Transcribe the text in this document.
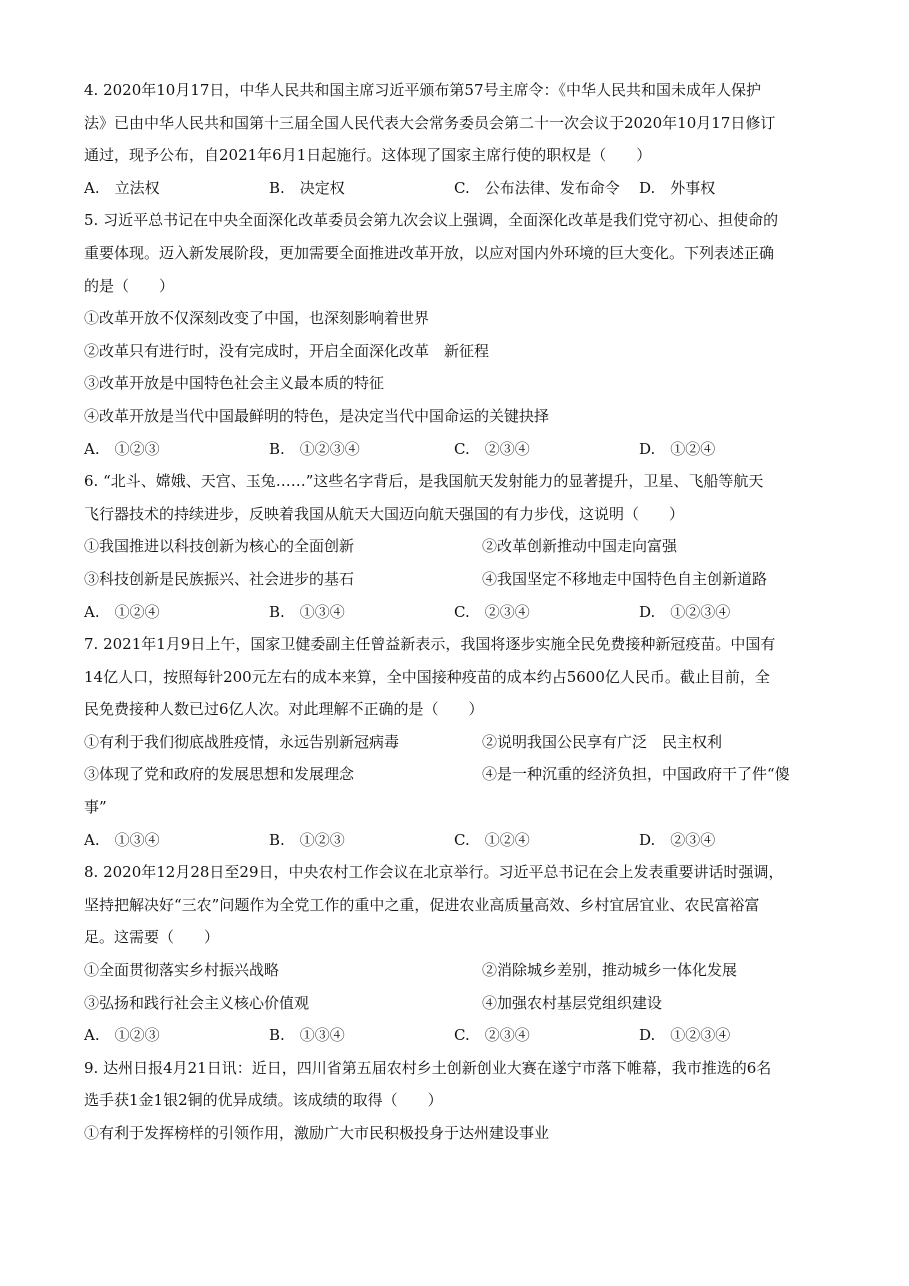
4. 2020年10月17日，中华人民共和国主席习近平颁布第57号主席令：《中华人民共和国未成年人保护
法》已由中华人民共和国第十三届全国人民代表大会常务委员会第二十一次会议于2020年10月17日修订
通过，现予公布，自2021年6月1日起施行。这体现了国家主席行使的职权是（　　）
A.　立法权	B.　决定权	C.　公布法律、发布命令	D.　外事权
5. 习近平总书记在中央全面深化改革委员会第九次会议上强调，全面深化改革是我们党守初心、担使命的
重要体现。迈入新发展阶段，更加需要全面推进改革开放，以应对国内外环境的巨大变化。下列表述正确
的是（　　）
①改革开放不仅深刻改变了中国，也深刻影响着世界
②改革只有进行时，没有完成时，开启全面深化改革　新征程
③改革开放是中国特色社会主义最本质的特征
④改革开放是当代中国最鲜明的特色，是决定当代中国命运的关键抉择
A.　①②③	B.　①②③④	C.　②③④	D.　①②④
6. “北斗、嫦娥、天宫、玉兔……”这些名字背后，是我国航天发射能力的显著提升，卫星、飞船等航天
飞行器技术的持续进步，反映着我国从航天大国迈向航天强国的有力步伐，这说明（　　）
①我国推进以科技创新为核心的全面创新	②改革创新推动中国走向富强
③科技创新是民族振兴、社会进步的基石	④我国坚定不移地走中国特色自主创新道路
A.　①②④	B.　①③④	C.　②③④	D.　①②③④
7. 2021年1月9日上午，国家卫健委副主任曾益新表示，我国将逐步实施全民免费接种新冠疫苗。中国有
14亿人口，按照每针200元左右的成本来算，全中国接种疫苗的成本约占5600亿人民币。截止目前，全
民免费接种人数已过6亿人次。对此理解不正确的是（　　）
①有利于我们彻底战胜疫情，永远告别新冠病毒	②说明我国公民享有广泛　民主权利
③体现了党和政府的发展思想和发展理念	④是一种沉重的经济负担，中国政府干了件“傻
事”
A.　①③④	B.　①②③	C.　①②④	D.　②③④
8. 2020年12月28日至29日，中央农村工作会议在北京举行。习近平总书记在会上发表重要讲话时强调，
坚持把解决好“三农”问题作为全党工作的重中之重，促进农业高质量高效、乡村宜居宜业、农民富裕富
足。这需要（　　）
①全面贯彻落实乡村振兴战略	②消除城乡差别，推动城乡一体化发展
③弘扬和践行社会主义核心价值观	④加强农村基层党组织建设
A.　①②③	B.　①③④	C.　②③④	D.　①②③④
9. 达州日报4月21日讯：近日，四川省第五届农村乡土创新创业大赛在遂宁市落下帷幕，我市推选的6名
选手获1金1银2铜的优异成绩。该成绩的取得（　　）
①有利于发挥榜样的引领作用，激励广大市民积极投身于达州建设事业
